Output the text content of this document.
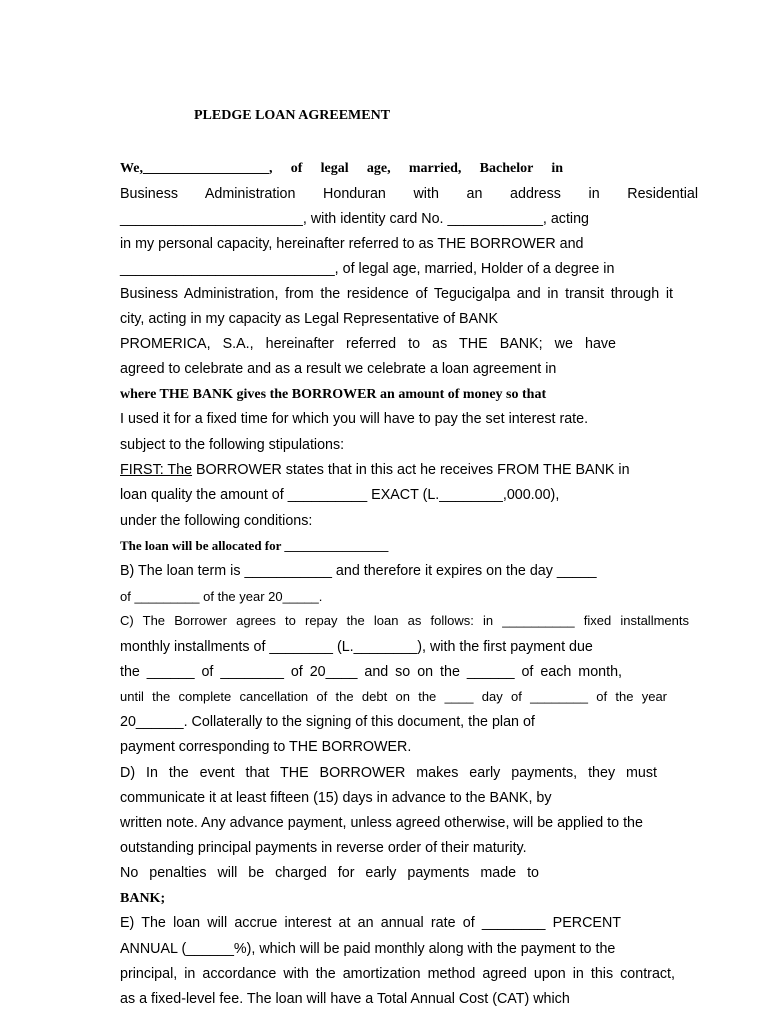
PLEDGE LOAN AGREEMENT
We,__________________, of legal age, married, Bachelor in
Business Administration Honduran with an address in Residential
_______________________, with identity card No. ____________, acting
in my personal capacity, hereinafter referred to as THE BORROWER and
___________________________, of legal age, married, Holder of a degree in
Business Administration, from the residence of Tegucigalpa and in transit through it
city, acting in my capacity as Legal Representative of BANK
PROMERICA, S.A., hereinafter referred to as THE BANK; we have
agreed to celebrate and as a result we celebrate a loan agreement in
where THE BANK gives the BORROWER an amount of money so that
I used it for a fixed time for which you will have to pay the set interest rate.
subject to the following stipulations:
FIRST: The BORROWER states that in this act he receives FROM THE BANK in
loan quality the amount of __________ EXACT (L.________,000.00),
under the following conditions:
The loan will be allocated for ________________
B) The loan term is ___________ and therefore it expires on the day _____
of _________ of the year 20_____.
C) The Borrower agrees to repay the loan as follows: in __________ fixed installments
monthly installments of ________ (L.________), with the first payment due
the ______ of ________ of 20____ and so on the ______ of each month,
until the complete cancellation of the debt on the ____ day of ________ of the year
20______. Collaterally to the signing of this document, the plan of
payment corresponding to THE BORROWER.
D) In the event that THE BORROWER makes early payments, they must
communicate it at least fifteen (15) days in advance to the BANK, by
written note. Any advance payment, unless agreed otherwise, will be applied to the
outstanding principal payments in reverse order of their maturity.
No penalties will be charged for early payments made to
BANK;
E) The loan will accrue interest at an annual rate of ________ PERCENT
ANNUAL (______%), which will be paid monthly along with the payment to the
principal, in accordance with the amortization method agreed upon in this contract,
as a fixed-level fee. The loan will have a Total Annual Cost (CAT) which
